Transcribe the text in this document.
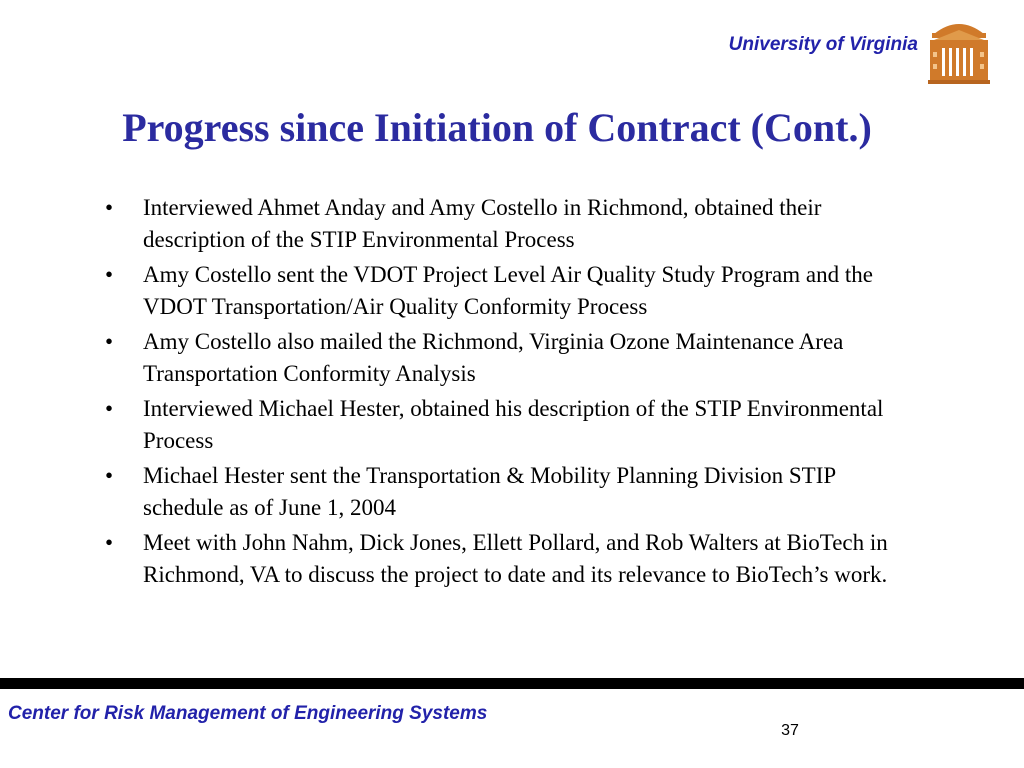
University of Virginia
Progress since Initiation of Contract (Cont.)
• Interviewed Ahmet Anday and Amy Costello in Richmond, obtained their description of the STIP Environmental Process
• Amy Costello sent the VDOT Project Level Air Quality Study Program and the VDOT Transportation/Air Quality Conformity Process
• Amy Costello also mailed the Richmond, Virginia Ozone Maintenance Area Transportation Conformity Analysis
• Interviewed Michael Hester, obtained his description of the STIP Environmental Process
• Michael Hester sent the Transportation & Mobility Planning Division STIP schedule as of June 1, 2004
• Meet with John Nahm, Dick Jones, Ellett Pollard, and Rob Walters at BioTech in Richmond, VA to discuss the project to date and its relevance to BioTech’s work.
Center for Risk Management of Engineering Systems
37
